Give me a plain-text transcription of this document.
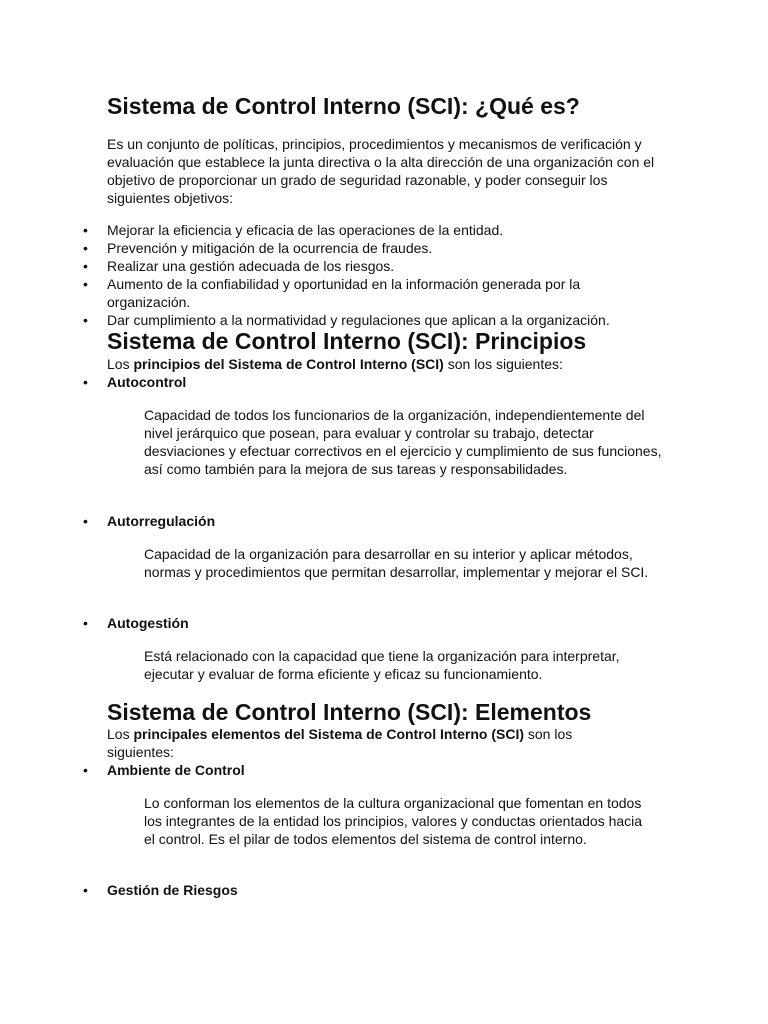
Sistema de Control Interno (SCI): ¿Qué es?

Es un conjunto de políticas, principios, procedimientos y mecanismos de verificación y evaluación que establece la junta directiva o la alta dirección de una organización con el objetivo de proporcionar un grado de seguridad razonable, y poder conseguir los siguientes objetivos:

• Mejorar la eficiencia y eficacia de las operaciones de la entidad.
• Prevención y mitigación de la ocurrencia de fraudes.
• Realizar una gestión adecuada de los riesgos.
• Aumento de la confiabilidad y oportunidad en la información generada por la organización.
• Dar cumplimiento a la normatividad y regulaciones que aplican a la organización.
Sistema de Control Interno (SCI): Principios

Los principios del Sistema de Control Interno (SCI) son los siguientes:

• Autocontrol

Capacidad de todos los funcionarios de la organización, independientemente del nivel jerárquico que posean, para evaluar y controlar su trabajo, detectar desviaciones y efectuar correctivos en el ejercicio y cumplimiento de sus funciones, así como también para la mejora de sus tareas y responsabilidades.

• Autorregulación

Capacidad de la organización para desarrollar en su interior y aplicar métodos, normas y procedimientos que permitan desarrollar, implementar y mejorar el SCI.

• Autogestión

Está relacionado con la capacidad que tiene la organización para interpretar, ejecutar y evaluar de forma eficiente y eficaz su funcionamiento.

Sistema de Control Interno (SCI): Elementos

Los principales elementos del Sistema de Control Interno (SCI) son los siguientes:

• Ambiente de Control

Lo conforman los elementos de la cultura organizacional que fomentan en todos los integrantes de la entidad los principios, valores y conductas orientados hacia el control. Es el pilar de todos elementos del sistema de control interno.

• Gestión de Riesgos
